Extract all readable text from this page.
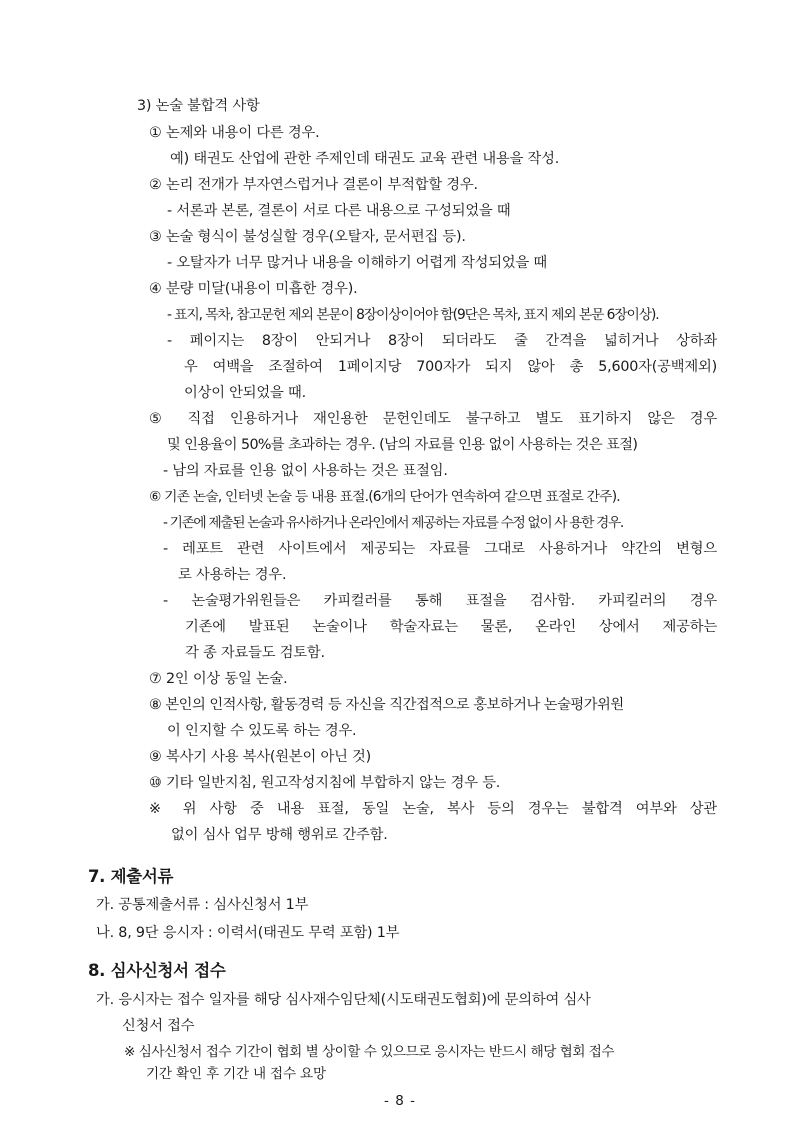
3) 논술 불합격 사항
① 논제와 내용이 다른 경우.
예) 태권도 산업에 관한 주제인데 태권도 교육 관련 내용을 작성.
② 논리 전개가 부자연스럽거나 결론이 부적합할 경우.
- 서론과 본론, 결론이 서로 다른 내용으로 구성되었을 때
③ 논술 형식이 불성실할 경우(오탈자, 문서편집 등).
- 오탈자가 너무 많거나 내용을 이해하기 어렵게 작성되었을 때
④ 분량 미달(내용이 미흡한 경우).
- 표지, 목차, 참고문헌 제외 본문이 8장이상이어야 함(9단은 목차, 표지 제외 본문 6장이상).
- 페이지는 8장이 안되거나 8장이 되더라도 줄 간격을 넓히거나 상하좌
우 여백을 조절하여 1페이지당 700자가 되지 않아 총 5,600자(공백제외)
이상이 안되었을 때.
⑤ 직접 인용하거나 재인용한 문헌인데도 불구하고 별도 표기하지 않은 경우
및 인용율이 50%를 초과하는 경우. (남의 자료를 인용 없이 사용하는 것은 표절)
- 남의 자료를 인용 없이 사용하는 것은 표절임.
⑥ 기존 논술, 인터넷 논술 등 내용 표절.(6개의 단어가 연속하여 같으면 표절로 간주).
- 기존에 제출된 논술과 유사하거나 온라인에서 제공하는 자료를 수정 없이 사 용한 경우.
- 레포트 관련 사이트에서 제공되는 자료를 그대로 사용하거나 약간의 변형으
로 사용하는 경우.
- 논술평가위원들은 카피컬러를 통해 표절을 검사함. 카피킬러의 경우
기존에 발표된 논술이나 학술자료는 물론, 온라인 상에서 제공하는
각 종 자료들도 검토함.
⑦ 2인 이상 동일 논술.
⑧ 본인의 인적사항, 활동경력 등 자신을 직간접적으로 홍보하거나 논술평가위원
이 인지할 수 있도록 하는 경우.
⑨ 복사기 사용 복사(원본이 아닌 것)
⑩ 기타 일반지침, 원고작성지침에 부합하지 않는 경우 등.
※ 위 사항 중 내용 표절, 동일 논술, 복사 등의 경우는 불합격 여부와 상관
없이 심사 업무 방해 행위로 간주함.
7. 제출서류
가. 공통제출서류 : 심사신청서 1부
나. 8, 9단 응시자 : 이력서(태권도 무력 포함) 1부
8. 심사신청서 접수
가. 응시자는 접수 일자를 해당 심사재수임단체(시도태권도협회)에 문의하여 심사
신청서 접수
※ 심사신청서 접수 기간이 협회 별 상이할 수 있으므로 응시자는 반드시 해당 협회 접수
기간 확인 후 기간 내 접수 요망
- 8 -
